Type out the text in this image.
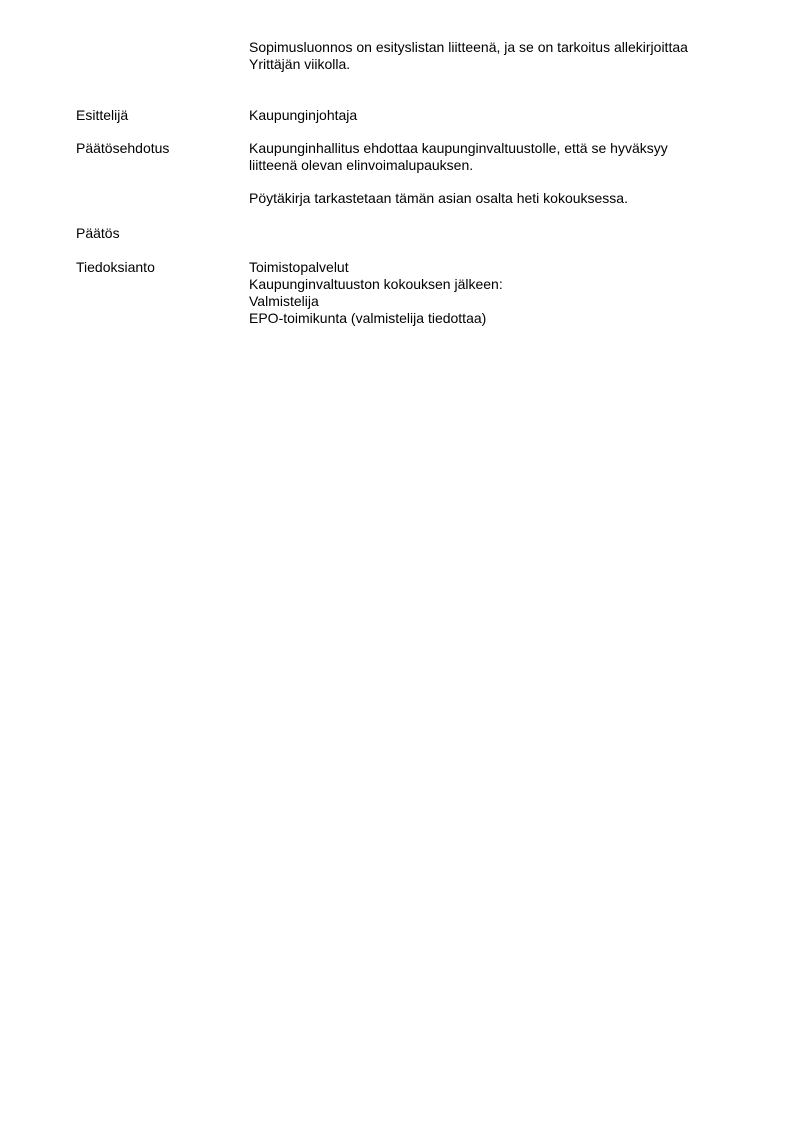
Sopimusluonnos on esityslistan liitteenä, ja se on tarkoitus allekirjoittaa
Yrittäjän viikolla.
Esittelijä	Kaupunginjohtaja
Päätösehdotus	Kaupunginhallitus ehdottaa kaupunginvaltuustolle, että se hyväksyy
liitteenä olevan elinvoimalupauksen.
Pöytäkirja tarkastetaan tämän asian osalta heti kokouksessa.
Päätös
Tiedoksianto	Toimistopalvelut
Kaupunginvaltuuston kokouksen jälkeen:
Valmistelija
EPO-toimikunta (valmistelija tiedottaa)
